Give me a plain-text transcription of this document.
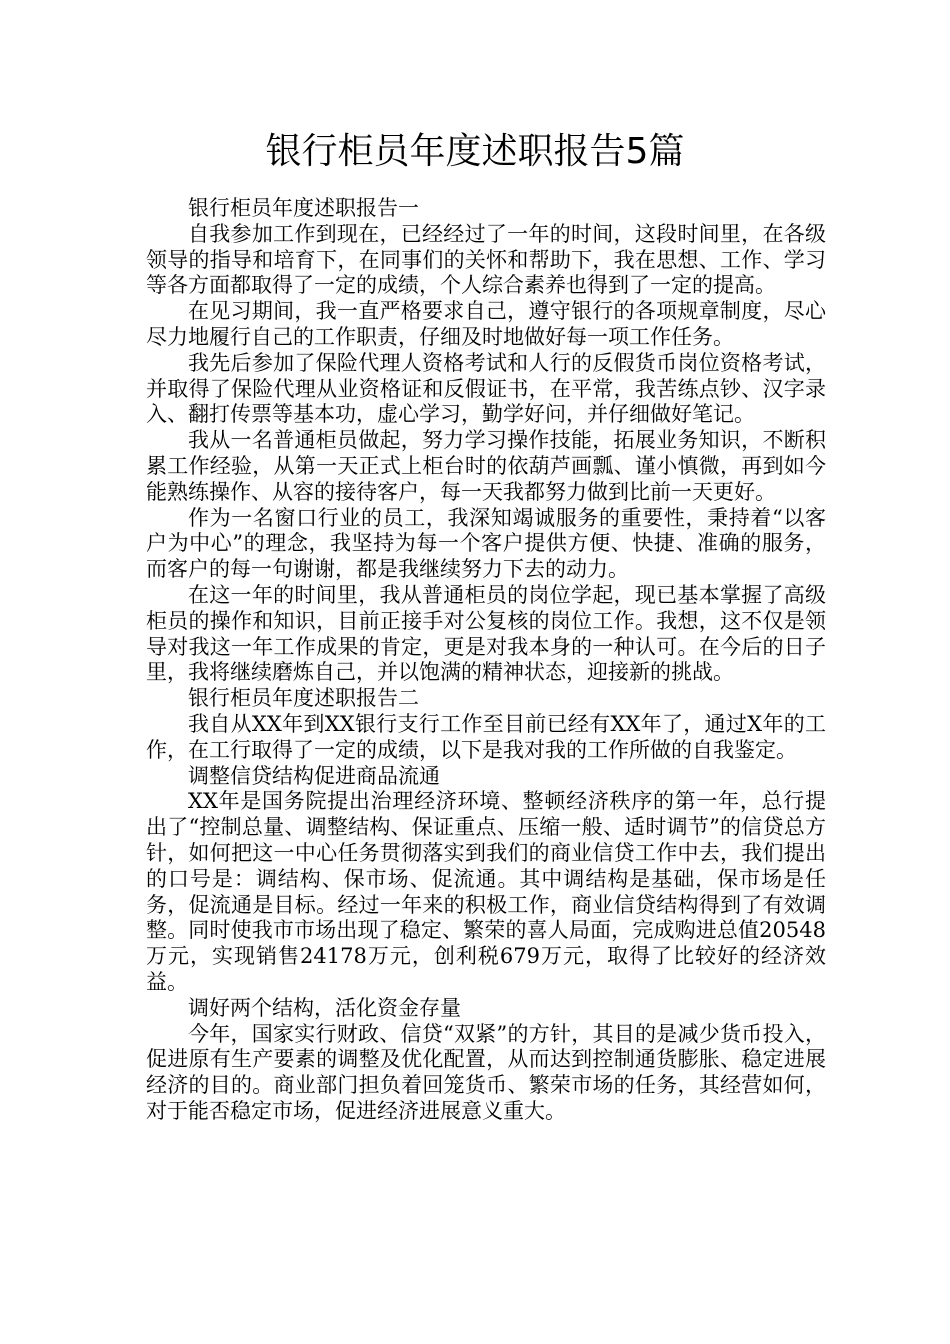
银行柜员年度述职报告5篇

银行柜员年度述职报告一

自我参加工作到现在，已经经过了一年的时间，这段时间里，在各级领导的指导和培育下，在同事们的关怀和帮助下，我在思想、工作、学习等各方面都取得了一定的成绩，个人综合素养也得到了一定的提高。

在见习期间，我一直严格要求自己，遵守银行的各项规章制度，尽心尽力地履行自己的工作职责，仔细及时地做好每一项工作任务。

我先后参加了保险代理人资格考试和人行的反假货币岗位资格考试，并取得了保险代理从业资格证和反假证书，在平常，我苦练点钞、汉字录入、翻打传票等基本功，虚心学习，勤学好问，并仔细做好笔记。

我从一名普通柜员做起，努力学习操作技能，拓展业务知识，不断积累工作经验，从第一天正式上柜台时的依葫芦画瓢、谨小慎微，再到如今能熟练操作、从容的接待客户，每一天我都努力做到比前一天更好。

作为一名窗口行业的员工，我深知竭诚服务的重要性，秉持着“以客户为中心”的理念，我坚持为每一个客户提供方便、快捷、准确的服务，而客户的每一句谢谢，都是我继续努力下去的动力。

在这一年的时间里，我从普通柜员的岗位学起，现已基本掌握了高级柜员的操作和知识，目前正接手对公复核的岗位工作。我想，这不仅是领导对我这一年工作成果的肯定，更是对我本身的一种认可。在今后的日子里，我将继续磨炼自己，并以饱满的精神状态，迎接新的挑战。

银行柜员年度述职报告二

我自从XX年到XX银行支行工作至目前已经有XX年了，通过X年的工作，在工行取得了一定的成绩，以下是我对我的工作所做的自我鉴定。

调整信贷结构促进商品流通

XX年是国务院提出治理经济环境、整顿经济秩序的第一年，总行提出了“控制总量、调整结构、保证重点、压缩一般、适时调节”的信贷总方针，如何把这一中心任务贯彻落实到我们的商业信贷工作中去，我们提出的口号是：调结构、保市场、促流通。其中调结构是基础，保市场是任务，促流通是目标。经过一年来的积极工作，商业信贷结构得到了有效调整。同时使我市市场出现了稳定、繁荣的喜人局面，完成购进总值20548万元，实现销售24178万元，创利税679万元，取得了比较好的经济效益。

调好两个结构，活化资金存量

今年，国家实行财政、信贷“双紧”的方针，其目的是减少货币投入，促进原有生产要素的调整及优化配置，从而达到控制通货膨胀、稳定进展经济的目的。商业部门担负着回笼货币、繁荣市场的任务，其经营如何，对于能否稳定市场，促进经济进展意义重大。
